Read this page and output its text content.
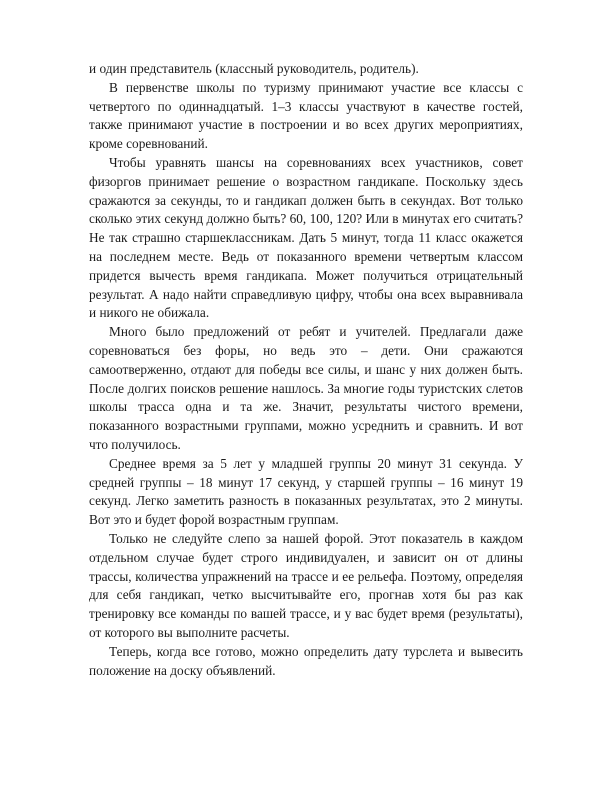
и один представитель (классный руководитель, родитель).

В первенстве школы по туризму принимают участие все классы с четвертого по одиннадцатый. 1–3 классы участвуют в качестве гостей, также принимают участие в построении и во всех других мероприятиях, кроме соревнований.

Чтобы уравнять шансы на соревнованиях всех участников, совет физоргов принимает решение о возрастном гандикапе. Поскольку здесь сражаются за секунды, то и гандикап должен быть в секундах. Вот только сколько этих секунд должно быть? 60, 100, 120? Или в минутах его считать? Не так страшно старшеклассникам. Дать 5 минут, тогда 11 класс окажется на последнем месте. Ведь от показанного времени четвертым классом придется вычесть время гандикапа. Может получиться отрицательный результат. А надо найти справедливую цифру, чтобы она всех выравнивала и никого не обижала.

Много было предложений от ребят и учителей. Предлагали даже соревноваться без форы, но ведь это – дети. Они сражаются самоотверженно, отдают для победы все силы, и шанс у них должен быть. После долгих поисков решение нашлось. За многие годы туристских слетов школы трасса одна и та же. Значит, результаты чистого времени, показанного возрастными группами, можно усреднить и сравнить. И вот что получилось.

Среднее время за 5 лет у младшей группы 20 минут 31 секунда. У средней группы – 18 минут 17 секунд, у старшей группы – 16 минут 19 секунд. Легко заметить разность в показанных результатах, это 2 минуты. Вот это и будет форой возрастным группам.

Только не следуйте слепо за нашей форой. Этот показатель в каждом отдельном случае будет строго индивидуален, и зависит он от длины трассы, количества упражнений на трассе и ее рельефа. Поэтому, определяя для себя гандикап, четко высчитывайте его, прогнав хотя бы раз как тренировку все команды по вашей трассе, и у вас будет время (результаты), от которого вы выполните расчеты.

Теперь, когда все готово, можно определить дату турслета и вывесить положение на доску объявлений.
